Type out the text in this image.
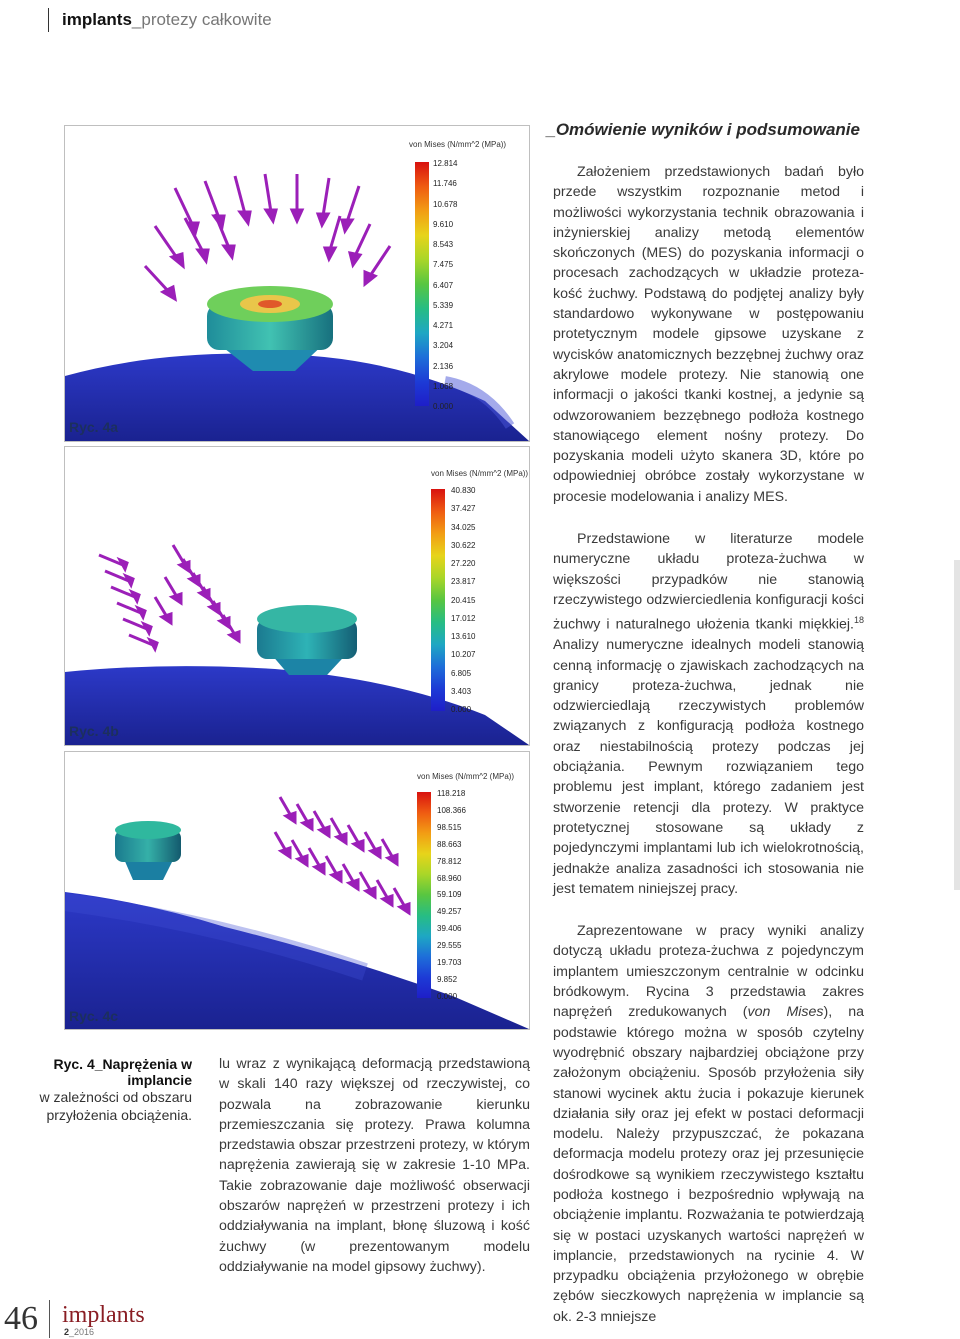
implants_protezy całkowite
von Mises (N/mm^2 (MPa))
12.814
11.746
10.678
9.610
8.543
7.475
6.407
5.339
4.271
3.204
2.136
1.068
0.000
Ryc. 4a
von Mises (N/mm^2 (MPa))
40.830
37.427
34.025
30.622
27.220
23.817
20.415
17.012
13.610
10.207
6.805
3.403
0.000
Ryc. 4b
von Mises (N/mm^2 (MPa))
118.218
108.366
98.515
88.663
78.812
68.960
59.109
49.257
39.406
29.555
19.703
9.852
0.000
Ryc. 4c
Ryc. 4_Naprężenia w implancie
w zależności od obszaru
przyłożenia obciążenia.

lu wraz z wynikającą deformacją przedstawioną w skali 140 razy większej od rzeczywistej, co pozwala na zobrazowanie kierunku przemieszczania się protezy. Prawa kolumna przedstawia obszar przestrzeni protezy, w którym naprężenia zawierają się w zakresie 1-10 MPa. Takie zobrazowanie daje możliwość obserwacji obszarów naprężeń w przestrzeni protezy i ich oddziaływania na implant, błonę śluzową i kość żuchwy (w prezentowanym modelu oddziaływanie na model gipsowy żuchwy).

_Omówienie wyników i podsumowanie

Założeniem przedstawionych badań było przede wszystkim rozpoznanie metod i możliwości wykorzystania technik obrazowania i inżynierskiej analizy metodą elementów skończonych (MES) do pozyskania informacji o procesach zachodzących w układzie proteza-kość żuchwy. Podstawą do podjętej analizy były standardowo wykonywane w postępowaniu protetycznym modele gipsowe uzyskane z wycisków anatomicznych bezzębnej żuchwy oraz akrylowe modele protezy. Nie stanowią one informacji o jakości tkanki kostnej, a jedynie są odwzorowaniem bezzębnego podłoża kostnego stanowiącego element nośny protezy. Do pozyskania modeli użyto skanera 3D, które po odpowiedniej obróbce zostały wykorzystane w procesie modelowania i analizy MES.

Przedstawione w literaturze modele numeryczne układu proteza-żuchwa w większości przypadków nie stanowią rzeczywistego odzwierciedlenia konfiguracji kości żuchwy i naturalnego ułożenia tkanki miękkiej.$^{18}$ Analizy numeryczne idealnych modeli stanowią cenną informację o zjawiskach zachodzących na granicy proteza-żuchwa, jednak nie odzwierciedlają rzeczywistych problemów związanych z konfiguracją podłoża kostnego oraz niestabilnością protezy podczas jej obciążania. Pewnym rozwiązaniem tego problemu jest implant, którego zadaniem jest stworzenie retencji dla protezy. W praktyce protetycznej stosowane są układy z pojedynczymi implantami lub ich wielokrotnością, jednakże analiza zasadności ich stosowania nie jest tematem niniejszej pracy.

Zaprezentowane w pracy wyniki analizy dotyczą układu proteza-żuchwa z pojedynczym implantem umieszczonym centralnie w odcinku bródkowym. Rycina 3 przedstawia zakres naprężeń zredukowanych (von Mises), na podstawie którego można w sposób czytelny wyodrębnić obszary najbardziej obciążone przy założonym obciążeniu. Sposób przyłożenia siły stanowi wycinek aktu żucia i pokazuje kierunek działania siły oraz jej efekt w postaci deformacji modelu. Należy przypuszczać, że pokazana deformacja modelu protezy oraz jej przesunięcie dośrodkowe są wynikiem rzeczywistego kształtu podłoża kostnego i bezpośrednio wpływają na obciążenie implantu. Rozważania te potwierdzają się w postaci uzyskanych wartości naprężeń w implancie, przedstawionych na rycinie 4. W przypadku obciążenia przyłożonego w obrębie zębów sieczkowych naprężenia w implancie są ok. 2-3 mniejsze

46 implants
2_2016
